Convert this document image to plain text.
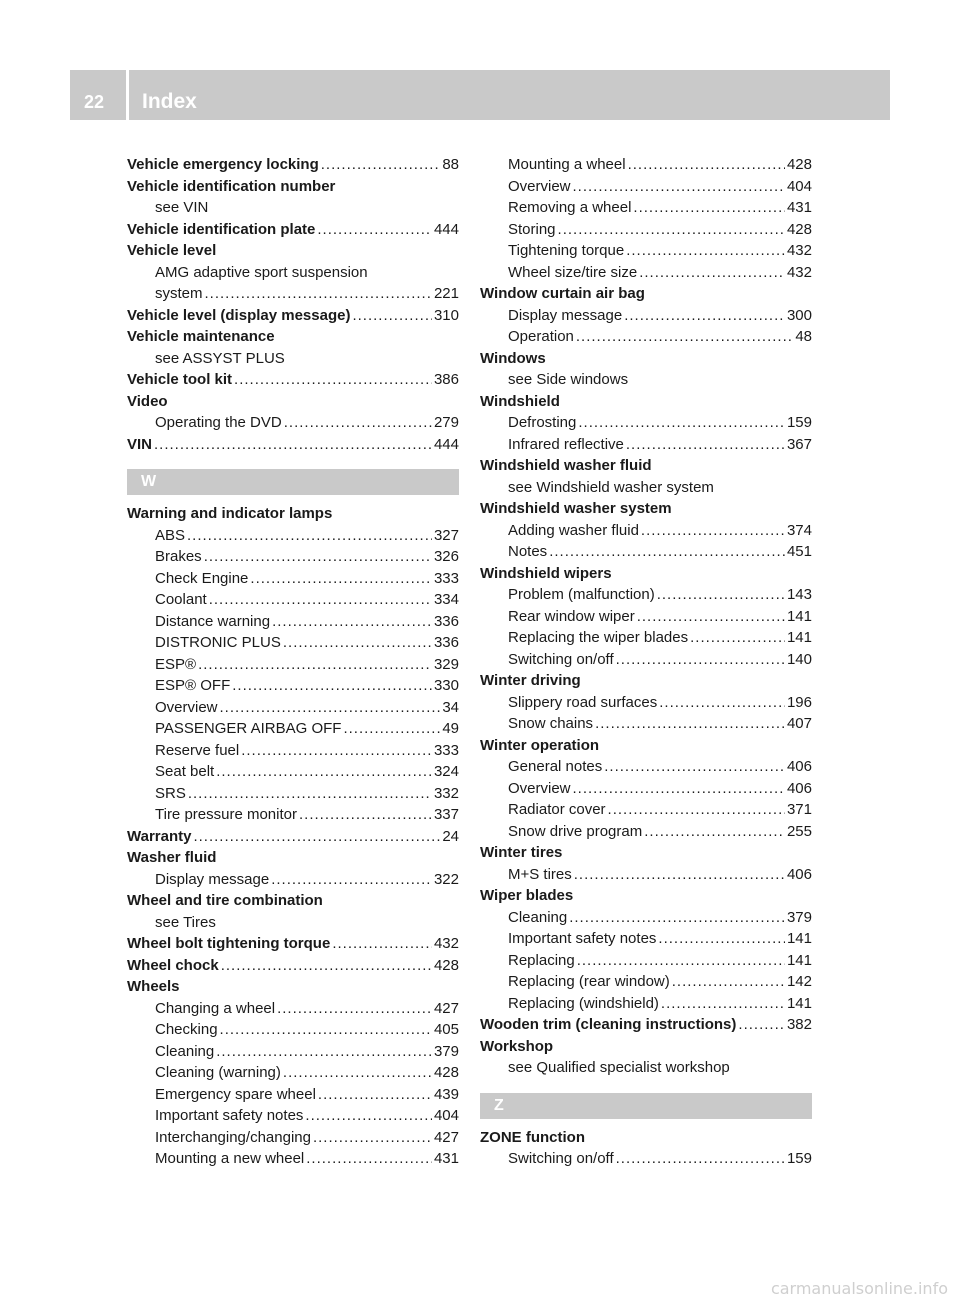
22 Index
Vehicle emergency locking .....	88
Vehicle identification number
see VIN
Vehicle identification plate .....	444
Vehicle level
AMG adaptive sport suspension
system .....	221
Vehicle level (display message) .....	310
Vehicle maintenance
see ASSYST PLUS
Vehicle tool kit .....	386
Video
Operating the DVD .....	279
VIN .....	444
W
Warning and indicator lamps
ABS .....	327
Brakes .....	326
Check Engine .....	333
Coolant .....	334
Distance warning .....	336
DISTRONIC PLUS .....	336
ESP® .....	329
ESP® OFF .....	330
Overview .....	34
PASSENGER AIRBAG OFF .....	49
Reserve fuel .....	333
Seat belt .....	324
SRS .....	332
Tire pressure monitor .....	337
Warranty .....	24
Washer fluid
Display message .....	322
Wheel and tire combination
see Tires
Wheel bolt tightening torque .....	432
Wheel chock .....	428
Wheels
Changing a wheel .....	427
Checking .....	405
Cleaning .....	379
Cleaning (warning) .....	428
Emergency spare wheel .....	439
Important safety notes .....	404
Interchanging/changing .....	427
Mounting a new wheel .....	431
Mounting a wheel .....	428
Overview .....	404
Removing a wheel .....	431
Storing .....	428
Tightening torque .....	432
Wheel size/tire size .....	432
Window curtain air bag
Display message .....	300
Operation .....	48
Windows
see Side windows
Windshield
Defrosting .....	159
Infrared reflective .....	367
Windshield washer fluid
see Windshield washer system
Windshield washer system
Adding washer fluid .....	374
Notes .....	451
Windshield wipers
Problem (malfunction) .....	143
Rear window wiper .....	141
Replacing the wiper blades .....	141
Switching on/off .....	140
Winter driving
Slippery road surfaces .....	196
Snow chains .....	407
Winter operation
General notes .....	406
Overview .....	406
Radiator cover .....	371
Snow drive program .....	255
Winter tires
M+S tires .....	406
Wiper blades
Cleaning .....	379
Important safety notes .....	141
Replacing .....	141
Replacing (rear window) .....	142
Replacing (windshield) .....	141
Wooden trim (cleaning instructions) .....	382
Workshop
see Qualified specialist workshop
Z
ZONE function
Switching on/off .....	159
carmanualsonline.info
